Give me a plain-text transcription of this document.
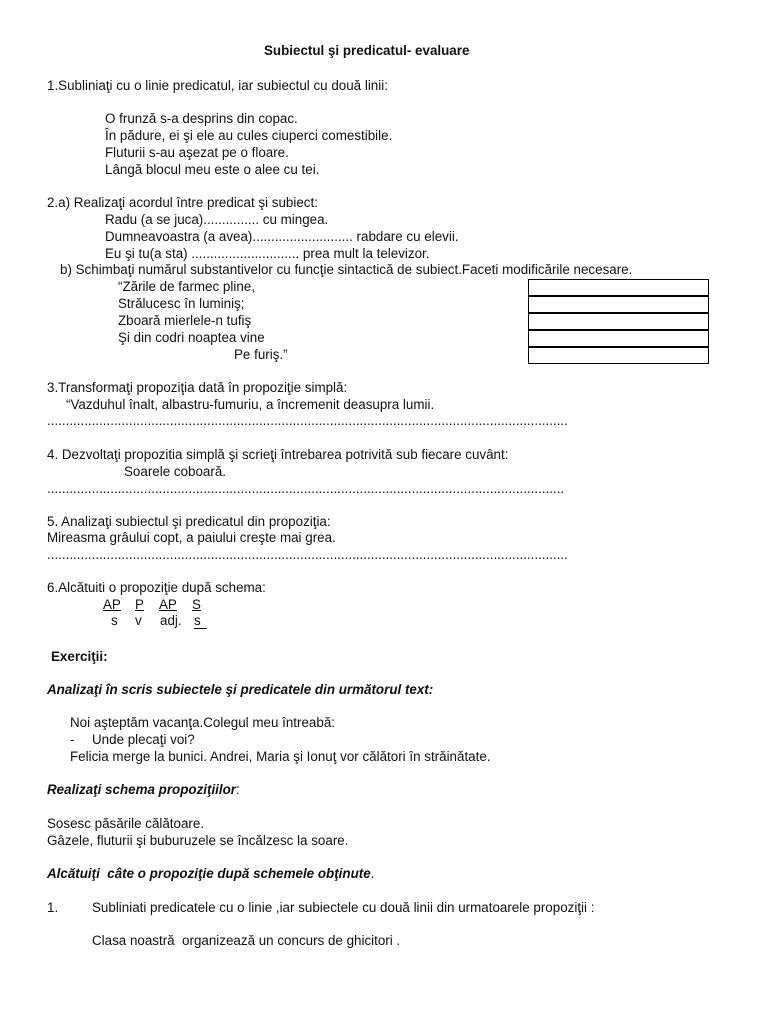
Subiectul şi predicatul- evaluare
1.Subliniaţi cu o linie predicatul, iar subiectul cu două linii:
O frunză s-a desprins din copac.
În pădure, ei şi ele au cules ciuperci comestibile.
Fluturii s-au aşezat pe o floare.
Lângă blocul meu este o alee cu tei.
2.a) Realizaţi acordul între predicat şi subiect:
Radu (a se juca)............... cu mingea.
Dumneavoastra (a avea)........................... rabdare cu elevii.
Eu şi tu(a sta) ............................. prea mult la televizor.
b) Schimbaţi numărul substantivelor cu funcţie sintactică de subiect.Faceti modificările necesare.
“Zările de farmec pline,
Strălucesc în luminiş;
Zboară mierlele-n tufiş
Şi din codri noaptea vine
Pe furiş.”
3.Transformaţi propoziţia dată în propoziţie simplă:
“Vazduhul înalt, albastru-fumuriu, a încremenit deasupra lumii.
............................................................................................................................................
4. Dezvoltaţi propozitia simplă şi scrieţi întrebarea potrivită sub fiecare cuvânt:
Soarele coboară.
...........................................................................................................................................
5. Analizaţi subiectul şi predicatul din propoziţia:
Mireasma grâului copt, a paiului creşte mai grea.
............................................................................................................................................
6.Alcătuiti o propoziţie după schema:
AP P AP S
s v adj. s
Exerciţii:
Analizaţi în scris subiectele şi predicatele din următorul text:
Noi aşteptăm vacanţa.Colegul meu întreabă:
- Unde plecaţi voi?
Felicia merge la bunici. Andrei, Maria şi Ionuţ vor călători în străinătate.
Realizaţi schema propoziţiilor:
Sosesc păsările călătoare.
Gâzele, fluturii şi buburuzele se încălzesc la soare.
Alcătuiţi  câte o propoziţie după schemele obţinute.
1.	Subliniati predicatele cu o linie ,iar subiectele cu două linii din urmatoarele propoziţii :
Clasa noastră  organizează un concurs de ghicitori .
